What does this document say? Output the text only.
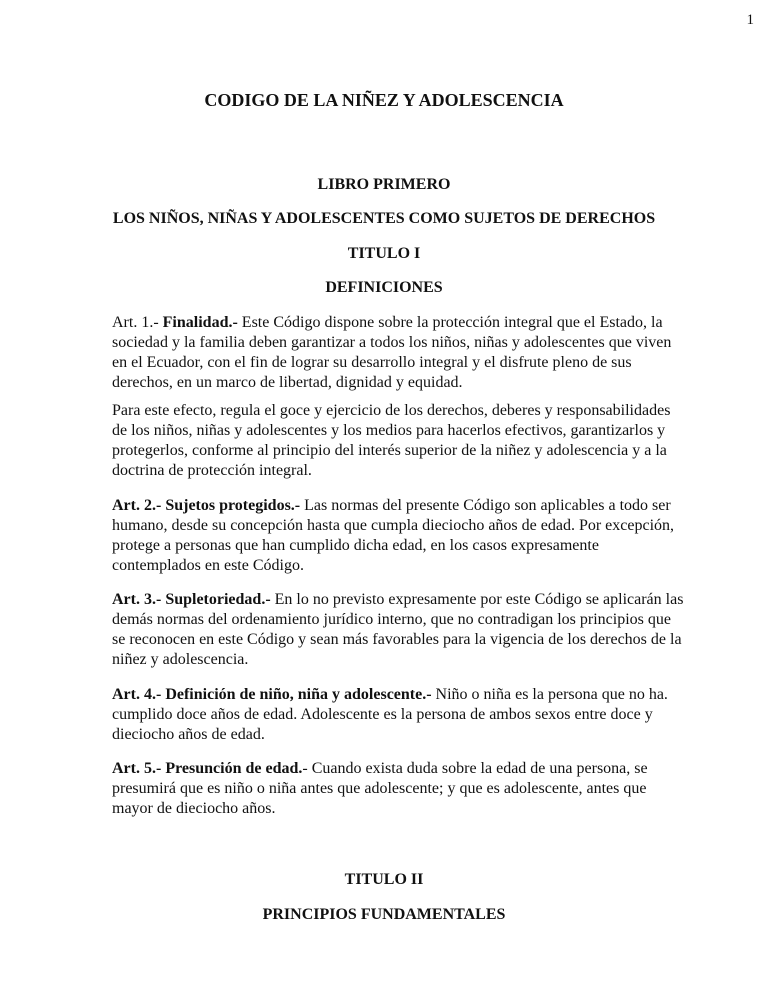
1
CODIGO DE LA NIÑEZ Y ADOLESCENCIA
LIBRO PRIMERO
LOS NIÑOS, NIÑAS Y ADOLESCENTES COMO SUJETOS DE DERECHOS
TITULO I
DEFINICIONES
Art. 1.- Finalidad.- Este Código dispone sobre la protección integral que el Estado, la
sociedad y la familia deben garantizar a todos los niños, niñas y adolescentes que viven
en el Ecuador, con el fin de lograr su desarrollo integral y el disfrute pleno de sus
derechos, en un marco de libertad, dignidad y equidad.
Para este efecto, regula el goce y ejercicio de los derechos, deberes y responsabilidades
de los niños, niñas y adolescentes y los medios para hacerlos efectivos, garantizarlos y
protegerlos, conforme al principio del interés superior de la niñez y adolescencia y a la
doctrina de protección integral.
Art. 2.- Sujetos protegidos.- Las normas del presente Código son aplicables a todo ser
humano, desde su concepción hasta que cumpla dieciocho años de edad. Por excepción,
protege a personas que han cumplido dicha edad, en los casos expresamente
contemplados en este Código.
Art. 3.- Supletoriedad.- En lo no previsto expresamente por este Código se aplicarán las
demás normas del ordenamiento jurídico interno, que no contradigan los principios que
se reconocen en este Código y sean más favorables para la vigencia de los derechos de la
niñez y adolescencia.
Art. 4.- Definición de niño, niña y adolescente.- Niño o niña es la persona que no ha.
cumplido doce años de edad. Adolescente es la persona de ambos sexos entre doce y
dieciocho años de edad.
Art. 5.- Presunción de edad.- Cuando exista duda sobre la edad de una persona, se
presumirá que es niño o niña antes que adolescente; y que es adolescente, antes que
mayor de dieciocho años.
TITULO II
PRINCIPIOS FUNDAMENTALES
